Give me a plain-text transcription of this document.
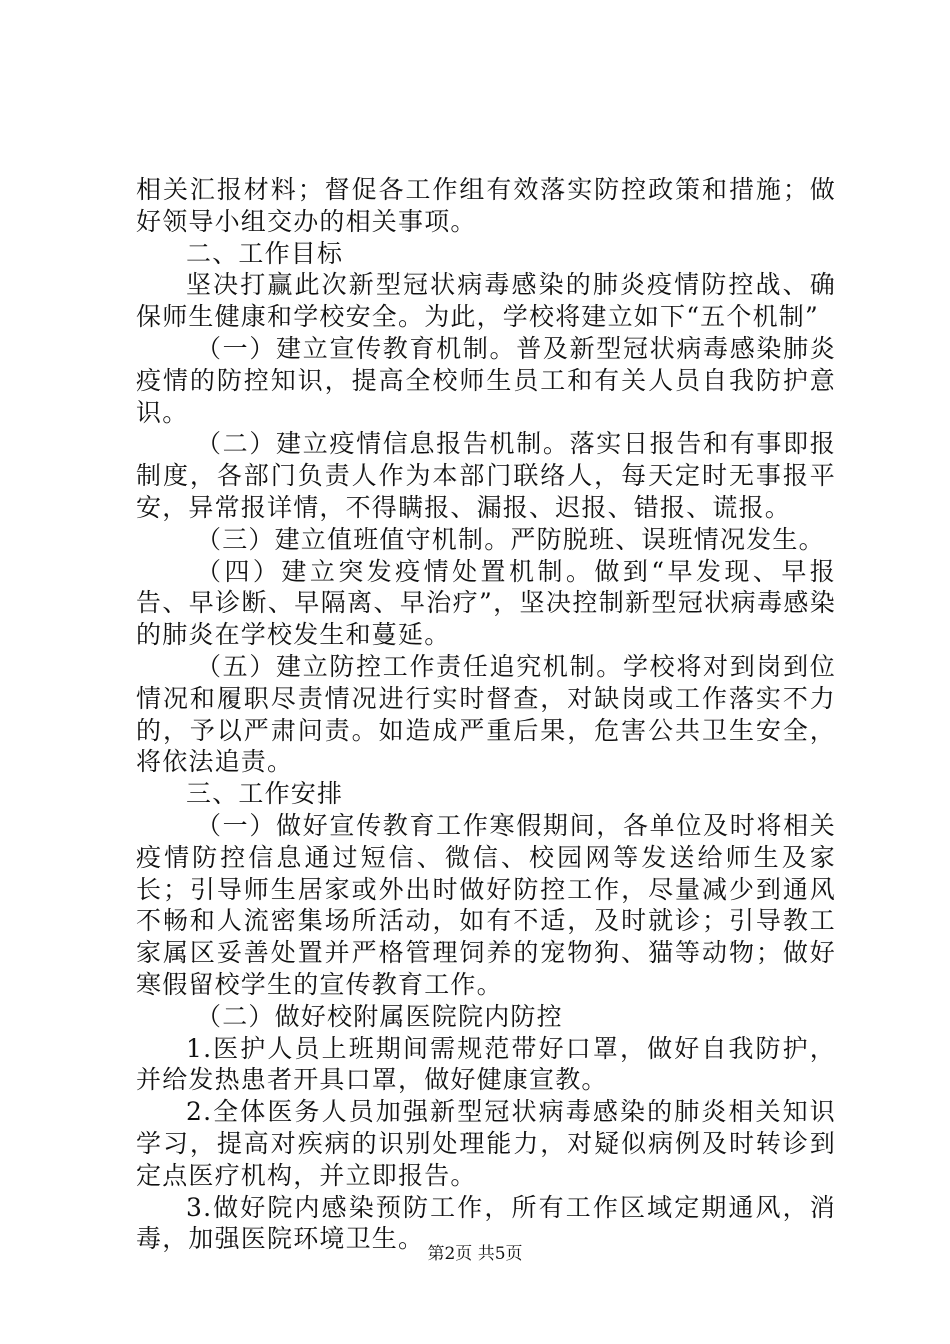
相关汇报材料；督促各工作组有效落实防控政策和措施；做好领导小组交办的相关事项。

二、工作目标

坚决打赢此次新型冠状病毒感染的肺炎疫情防控战、确保师生健康和学校安全。为此，学校将建立如下“五个机制”

（一）建立宣传教育机制。普及新型冠状病毒感染肺炎疫情的防控知识，提高全校师生员工和有关人员自我防护意识。

（二）建立疫情信息报告机制。落实日报告和有事即报制度，各部门负责人作为本部门联络人，每天定时无事报平安，异常报详情，不得瞒报、漏报、迟报、错报、谎报。

（三）建立值班值守机制。严防脱班、误班情况发生。

（四）建立突发疫情处置机制。做到“早发现、早报告、早诊断、早隔离、早治疗”，坚决控制新型冠状病毒感染的肺炎在学校发生和蔓延。

（五）建立防控工作责任追究机制。学校将对到岗到位情况和履职尽责情况进行实时督查，对缺岗或工作落实不力的，予以严肃问责。如造成严重后果，危害公共卫生安全，将依法追责。

三、工作安排

（一）做好宣传教育工作寒假期间，各单位及时将相关疫情防控信息通过短信、微信、校园网等发送给师生及家长；引导师生居家或外出时做好防控工作，尽量减少到通风不畅和人流密集场所活动，如有不适，及时就诊；引导教工家属区妥善处置并严格管理饲养的宠物狗、猫等动物；做好寒假留校学生的宣传教育工作。

（二）做好校附属医院院内防控

1.医护人员上班期间需规范带好口罩，做好自我防护，并给发热患者开具口罩，做好健康宣教。

2.全体医务人员加强新型冠状病毒感染的肺炎相关知识学习，提高对疾病的识别处理能力，对疑似病例及时转诊到定点医疗机构，并立即报告。

3.做好院内感染预防工作，所有工作区域定期通风，消毒，加强医院环境卫生。

第2页 共5页
